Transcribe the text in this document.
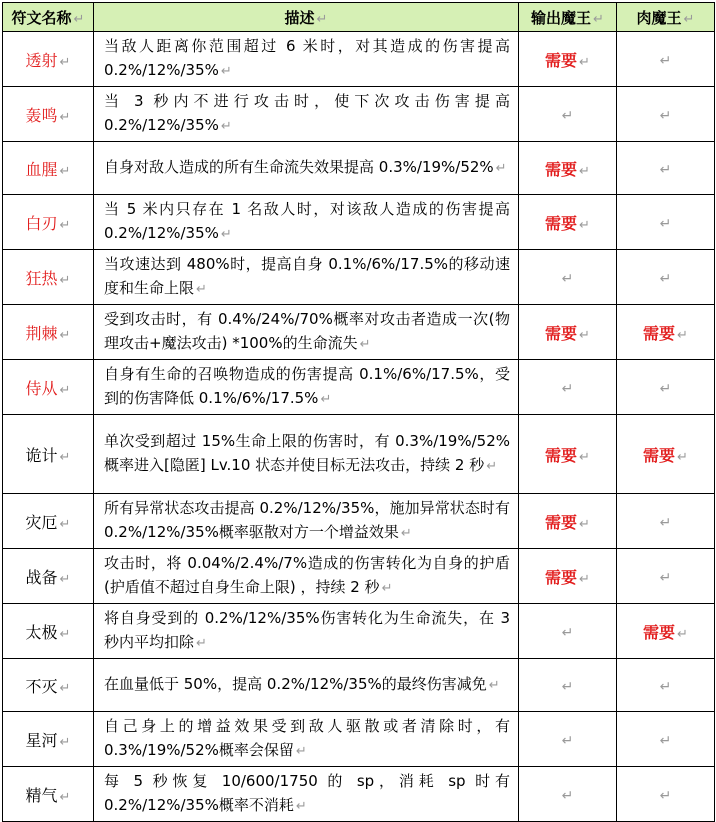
符文名称 ↵	描述 ↵	输出魔王 ↵	肉魔王 ↵
透射 ↵	当敌人距离你范围超过 6 米时，对其造成的伤害提高 0.2%/12%/35% ↵	需要 ↵	↵
轰鸣 ↵	当 3 秒内不进行攻击时，使下次攻击伤害提高 0.2%/12%/35% ↵	↵	↵
血腥 ↵	自身对敌人造成的所有生命流失效果提高 0.3%/19%/52% ↵	需要 ↵	↵
白刃 ↵	当 5 米内只存在 1 名敌人时，对该敌人造成的伤害提高 0.2%/12%/35% ↵	需要 ↵	↵
狂热 ↵	当攻速达到 480%时，提高自身 0.1%/6%/17.5%的移动速度和生命上限 ↵	↵	↵
荆棘 ↵	受到攻击时，有 0.4%/24%/70%概率对攻击者造成一次(物理攻击+魔法攻击) *100%的生命流失 ↵	需要 ↵	需要 ↵
侍从 ↵	自身有生命的召唤物造成的伤害提高 0.1%/6%/17.5%，受到的伤害降低 0.1%/6%/17.5% ↵	↵	↵
诡计 ↵	单次受到超过 15%生命上限的伤害时，有 0.3%/19%/52%概率进入[隐匿] Lv.10 状态并使目标无法攻击，持续 2 秒 ↵	需要 ↵	需要 ↵
灾厄 ↵	所有异常状态攻击提高 0.2%/12%/35%，施加异常状态时有 0.2%/12%/35%概率驱散对方一个增益效果 ↵	需要 ↵	↵
战备 ↵	攻击时，将 0.04%/2.4%/7%造成的伤害转化为自身的护盾(护盾值不超过自身生命上限) ，持续 2 秒 ↵	需要 ↵	↵
太极 ↵	将自身受到的 0.2%/12%/35%伤害转化为生命流失，在 3 秒内平均扣除 ↵	↵	需要 ↵
不灭 ↵	在血量低于 50%，提高 0.2%/12%/35%的最终伤害减免 ↵	↵	↵
星河 ↵	自己身上的增益效果受到敌人驱散或者清除时，有 0.3%/19%/52%概率会保留 ↵	↵	↵
精气 ↵	每 5 秒恢复 10/600/1750 的 sp，消耗 sp 时有 0.2%/12%/35%概率不消耗 ↵	↵	↵
